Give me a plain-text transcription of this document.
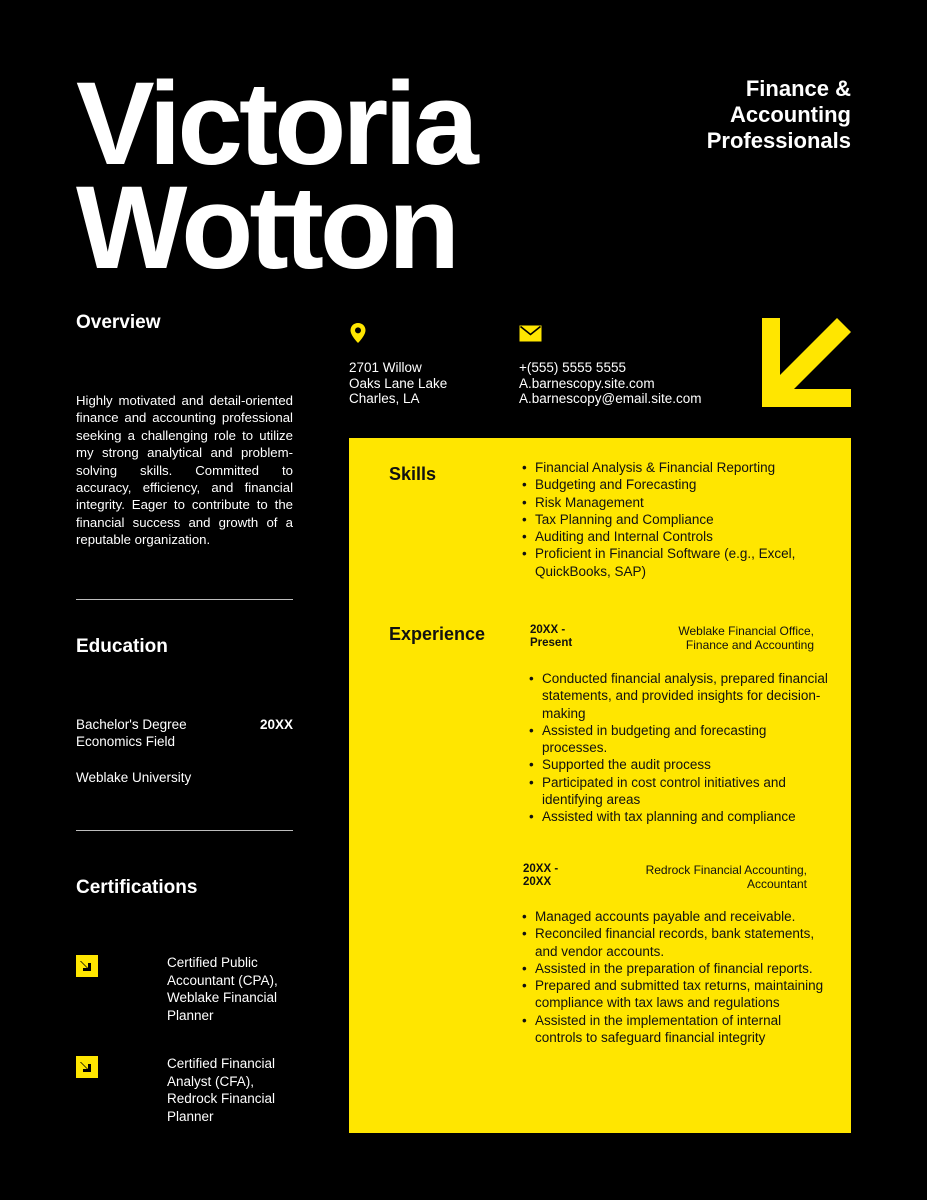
Victoria
Wotton
Finance &
Accounting
Professionals
Overview
Highly motivated and detail-oriented finance and accounting professional seeking a challenging role to utilize my strong analytical and problem-solving skills. Committed to accuracy, efficiency, and financial integrity. Eager to contribute to the financial success and growth of a reputable organization.
Education
Bachelor's Degree
Economics Field
20XX
Weblake University
Certifications
Certified Public Accountant (CPA), Weblake Financial Planner
Certified Financial Analyst (CFA), Redrock Financial Planner
2701 Willow
Oaks Lane Lake
Charles, LA
+(555) 5555 5555
A.barnescopy.site.com
A.barnescopy@email.site.com
Skills
•	Financial Analysis & Financial Reporting
• Budgeting and Forecasting
• Risk Management
• Tax Planning and Compliance
• Auditing and Internal Controls
• Proficient in Financial Software (e.g., Excel, QuickBooks, SAP)
Experience	20XX -
Present
Weblake Financial Office,
Finance and Accounting
• Conducted financial analysis, prepared financial statements, and provided insights for decision-making
• Assisted in budgeting and forecasting processes.
• Supported the audit process
• Participated in cost control initiatives and identifying areas
• Assisted with tax planning and compliance
20XX -
20XX
Redrock Financial Accounting,
Accountant
• Managed accounts payable and receivable.
• Reconciled financial records, bank statements, and vendor accounts.
• Assisted in the preparation of financial reports.
• Prepared and submitted tax returns, maintaining compliance with tax laws and regulations
• Assisted in the implementation of internal controls to safeguard financial integrity
